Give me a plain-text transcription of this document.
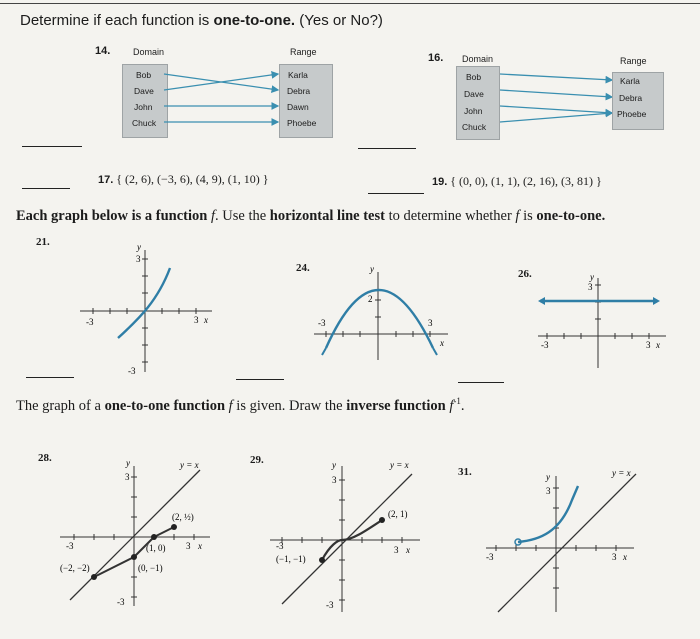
Determine if each function is one-to-one. (Yes or No?)
14.	Domain	Range
Bob
Dave
John
Chuck
Karla
Debra
Dawn
Phoebe
16. Domain	Range
Bob
Dave
John
Chuck
Karla
Debra
Phoebe
17. { (2, 6), (−3, 6), (4, 9), (1, 10) }	19. { (0, 0), (1, 1), (2, 16), (3, 81) }
Each graph below is a function f. Use the horizontal line test to determine whether f is one-to-one.
21.	y
3
-3	3 x
-3
24.	y
2
-3	3
x
26.	y
3
-3	3 x
The graph of a one-to-one function f is given. Draw the inverse function $f^{-1}$.
28.	y
3
y = x
-3	3 x
-3
(2, ½)
(1, 0)
(0, −1)
(−2, −2)
29.	y
3
y = x
-3	3 x
-3
(2, 1)
(−1, −1)
31.	y
3
y = x
-3	3 x
